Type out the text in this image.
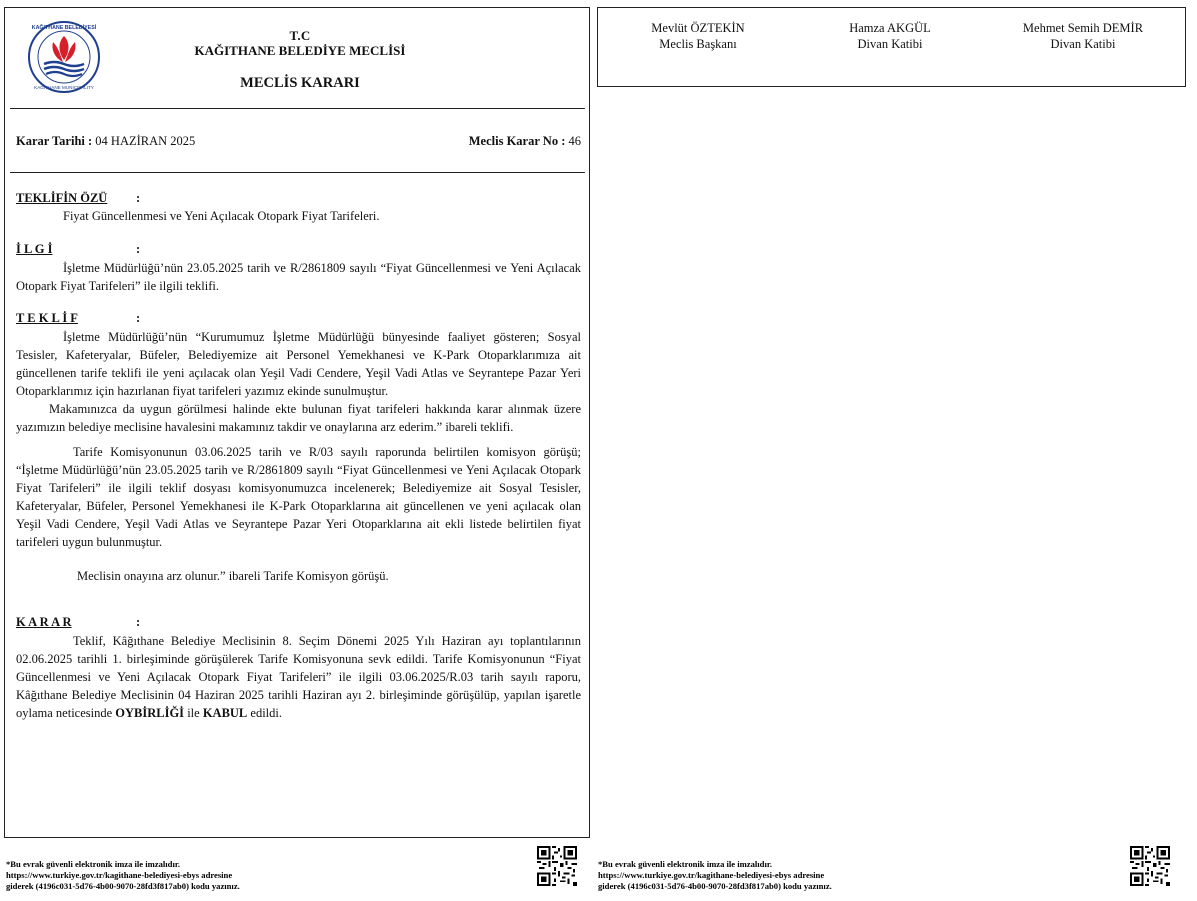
KAĞITHANE BELEDİYESİ
KAĞITHANE MUNICIPALITY
T.C
KAĞITHANE BELEDİYE MECLİSİ
MECLİS KARARI
Karar Tarihi : 04 HAZİRAN 2025	Meclis Karar No : 46
TEKLİFİN ÖZÜ :

Fiyat Güncellenmesi ve Yeni Açılacak Otopark Fiyat Tarifeleri.

İ L G İ	:

İşletme Müdürlüğü’nün 23.05.2025 tarih ve R/2861809 sayılı “Fiyat Güncellenmesi ve Yeni Açılacak Otopark Fiyat Tarifeleri” ile ilgili teklifi.

T E K L İ F	:

İşletme Müdürlüğü’nün “Kurumumuz İşletme Müdürlüğü bünyesinde faaliyet gösteren; Sosyal Tesisler, Kafeteryalar, Büfeler, Belediyemize ait Personel Yemekhanesi ve K-Park Otoparklarımıza ait güncellenen tarife teklifi ile yeni açılacak olan Yeşil Vadi Cendere, Yeşil Vadi Atlas ve Seyrantepe Pazar Yeri Otoparklarımız için hazırlanan fiyat tarifeleri yazımız ekinde sunulmuştur.

Makamınızca da uygun görülmesi halinde ekte bulunan fiyat tarifeleri hakkında karar alınmak üzere yazımızın belediye meclisine havalesini makamınız takdir ve onaylarına arz ederim.” ibareli teklifi.

Tarife Komisyonunun 03.06.2025 tarih ve R/03 sayılı raporunda belirtilen komisyon görüşü; “İşletme Müdürlüğü’nün 23.05.2025 tarih ve R/2861809 sayılı “Fiyat Güncellenmesi ve Yeni Açılacak Otopark Fiyat Tarifeleri” ile ilgili teklif dosyası komisyonumuzca incelenerek; Belediyemize ait Sosyal Tesisler, Kafeteryalar, Büfeler, Personel Yemekhanesi ile K-Park Otoparklarına ait güncellenen ve yeni açılacak olan Yeşil Vadi Cendere, Yeşil Vadi Atlas ve Seyrantepe Pazar Yeri Otoparklarına ait ekli listede belirtilen fiyat tarifeleri uygun bulunmuştur.

Meclisin onayına arz olunur.” ibareli Tarife Komisyon görüşü.

K A R A R	:

Teklif, Kâğıthane Belediye Meclisinin 8. Seçim Dönemi 2025 Yılı Haziran ayı toplantılarının 02.06.2025 tarihli 1. birleşiminde görüşülerek Tarife Komisyonuna sevk edildi. Tarife Komisyonunun “Fiyat Güncellenmesi ve Yeni Açılacak Otopark Fiyat Tarifeleri” ile ilgili 03.06.2025/R.03 tarih sayılı raporu, Kâğıthane Belediye Meclisinin 04 Haziran 2025 tarihli Haziran ayı 2. birleşiminde görüşülüp, yapılan işaretle oylama neticesinde OYBİRLİĞİ ile KABUL edildi.

Mevlüt ÖZTEKİN
Meclis Başkanı
Hamza AKGÜL
Divan Katibi
Mehmet Semih DEMİR
Divan Katibi
*Bu evrak güvenli elektronik imza ile imzalıdır.
https://www.turkiye.gov.tr/kagithane-belediyesi-ebys adresine
giderek (4196c031-5d76-4b00-9070-28fd3f817ab0) kodu yazınız.
*Bu evrak güvenli elektronik imza ile imzalıdır.
https://www.turkiye.gov.tr/kagithane-belediyesi-ebys adresine
giderek (4196c031-5d76-4b00-9070-28fd3f817ab0) kodu yazınız.
